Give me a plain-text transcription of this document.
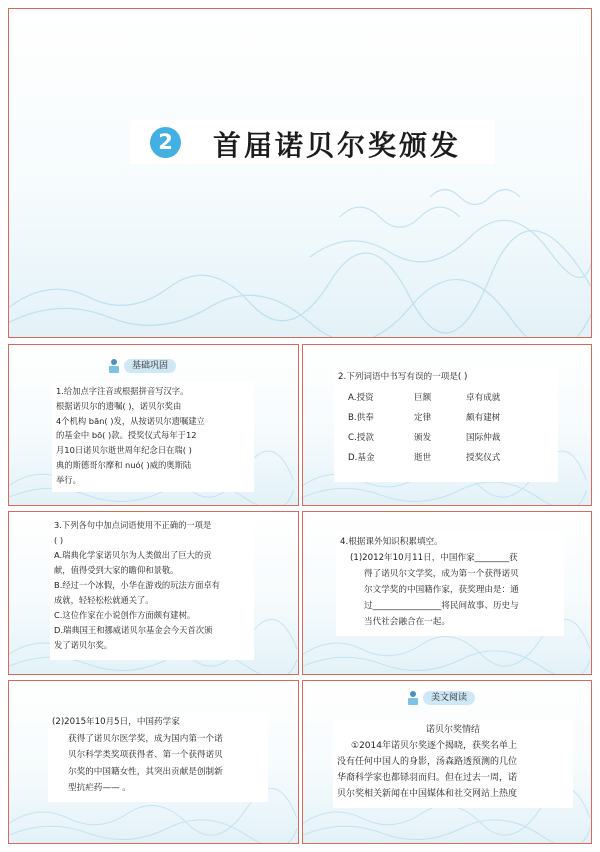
2 首届诺贝尔奖颁发
基础巩固

1.给加点字注音或根据拼音写汉字。

根据诺贝尔的遗嘱( )，诺贝尔奖由

4个机构 bān( )发，从按诺贝尔遗嘱建立

的基金中 bō( )款。授奖仪式每年于12

月10日诺贝尔逝世周年纪念日在瑞( )

典的斯德哥尔摩和 nuó( )威的奥斯陆

举行。

2.下列词语中书写有误的一项是( )

A.授资	巨额	卓有成就
B.供奉	定律	颇有建树
C.授款	颁发	国际仲裁
D.基金	逝世	授奖仪式

3.下列各句中加点词语使用不正确的一项是

( )

A.瑞典化学家诺贝尔为人类做出了巨大的贡

献，值得受到大家的瞻仰和景敬。

B.经过一个冰假，小华在游戏的玩法方面卓有

成就，轻轻松松就通关了。

C.这位作家在小说创作方面颇有建树。

D.瑞典国王和挪威诺贝尔基金会今天首次颁

发了诺贝尔奖。

4.根据课外知识积累填空。

(1)2012年10月11日，中国作家________获

得了诺贝尔文学奖，成为第一个获得诺贝

尔文学奖的中国籍作家，获奖理由是：通

过________________将民间故事、历史与

当代社会融合在一起。

(2)2015年10月5日，中国药学家

获得了诺贝尔医学奖，成为国内第一个诺

贝尔科学类奖项获得者、第一个获得诺贝

尔奖的中国籍女性，其突出贡献是创制新

型抗疟药—— 。

美文阅读

诺贝尔奖情结

①2014年诺贝尔奖逐个揭晓，获奖名单上

没有任何中国人的身影，汤森路透预测的几位

华裔科学家也都铩羽而归。但在过去一周，诺

贝尔奖相关新闻在中国媒体和社交网站上热度
